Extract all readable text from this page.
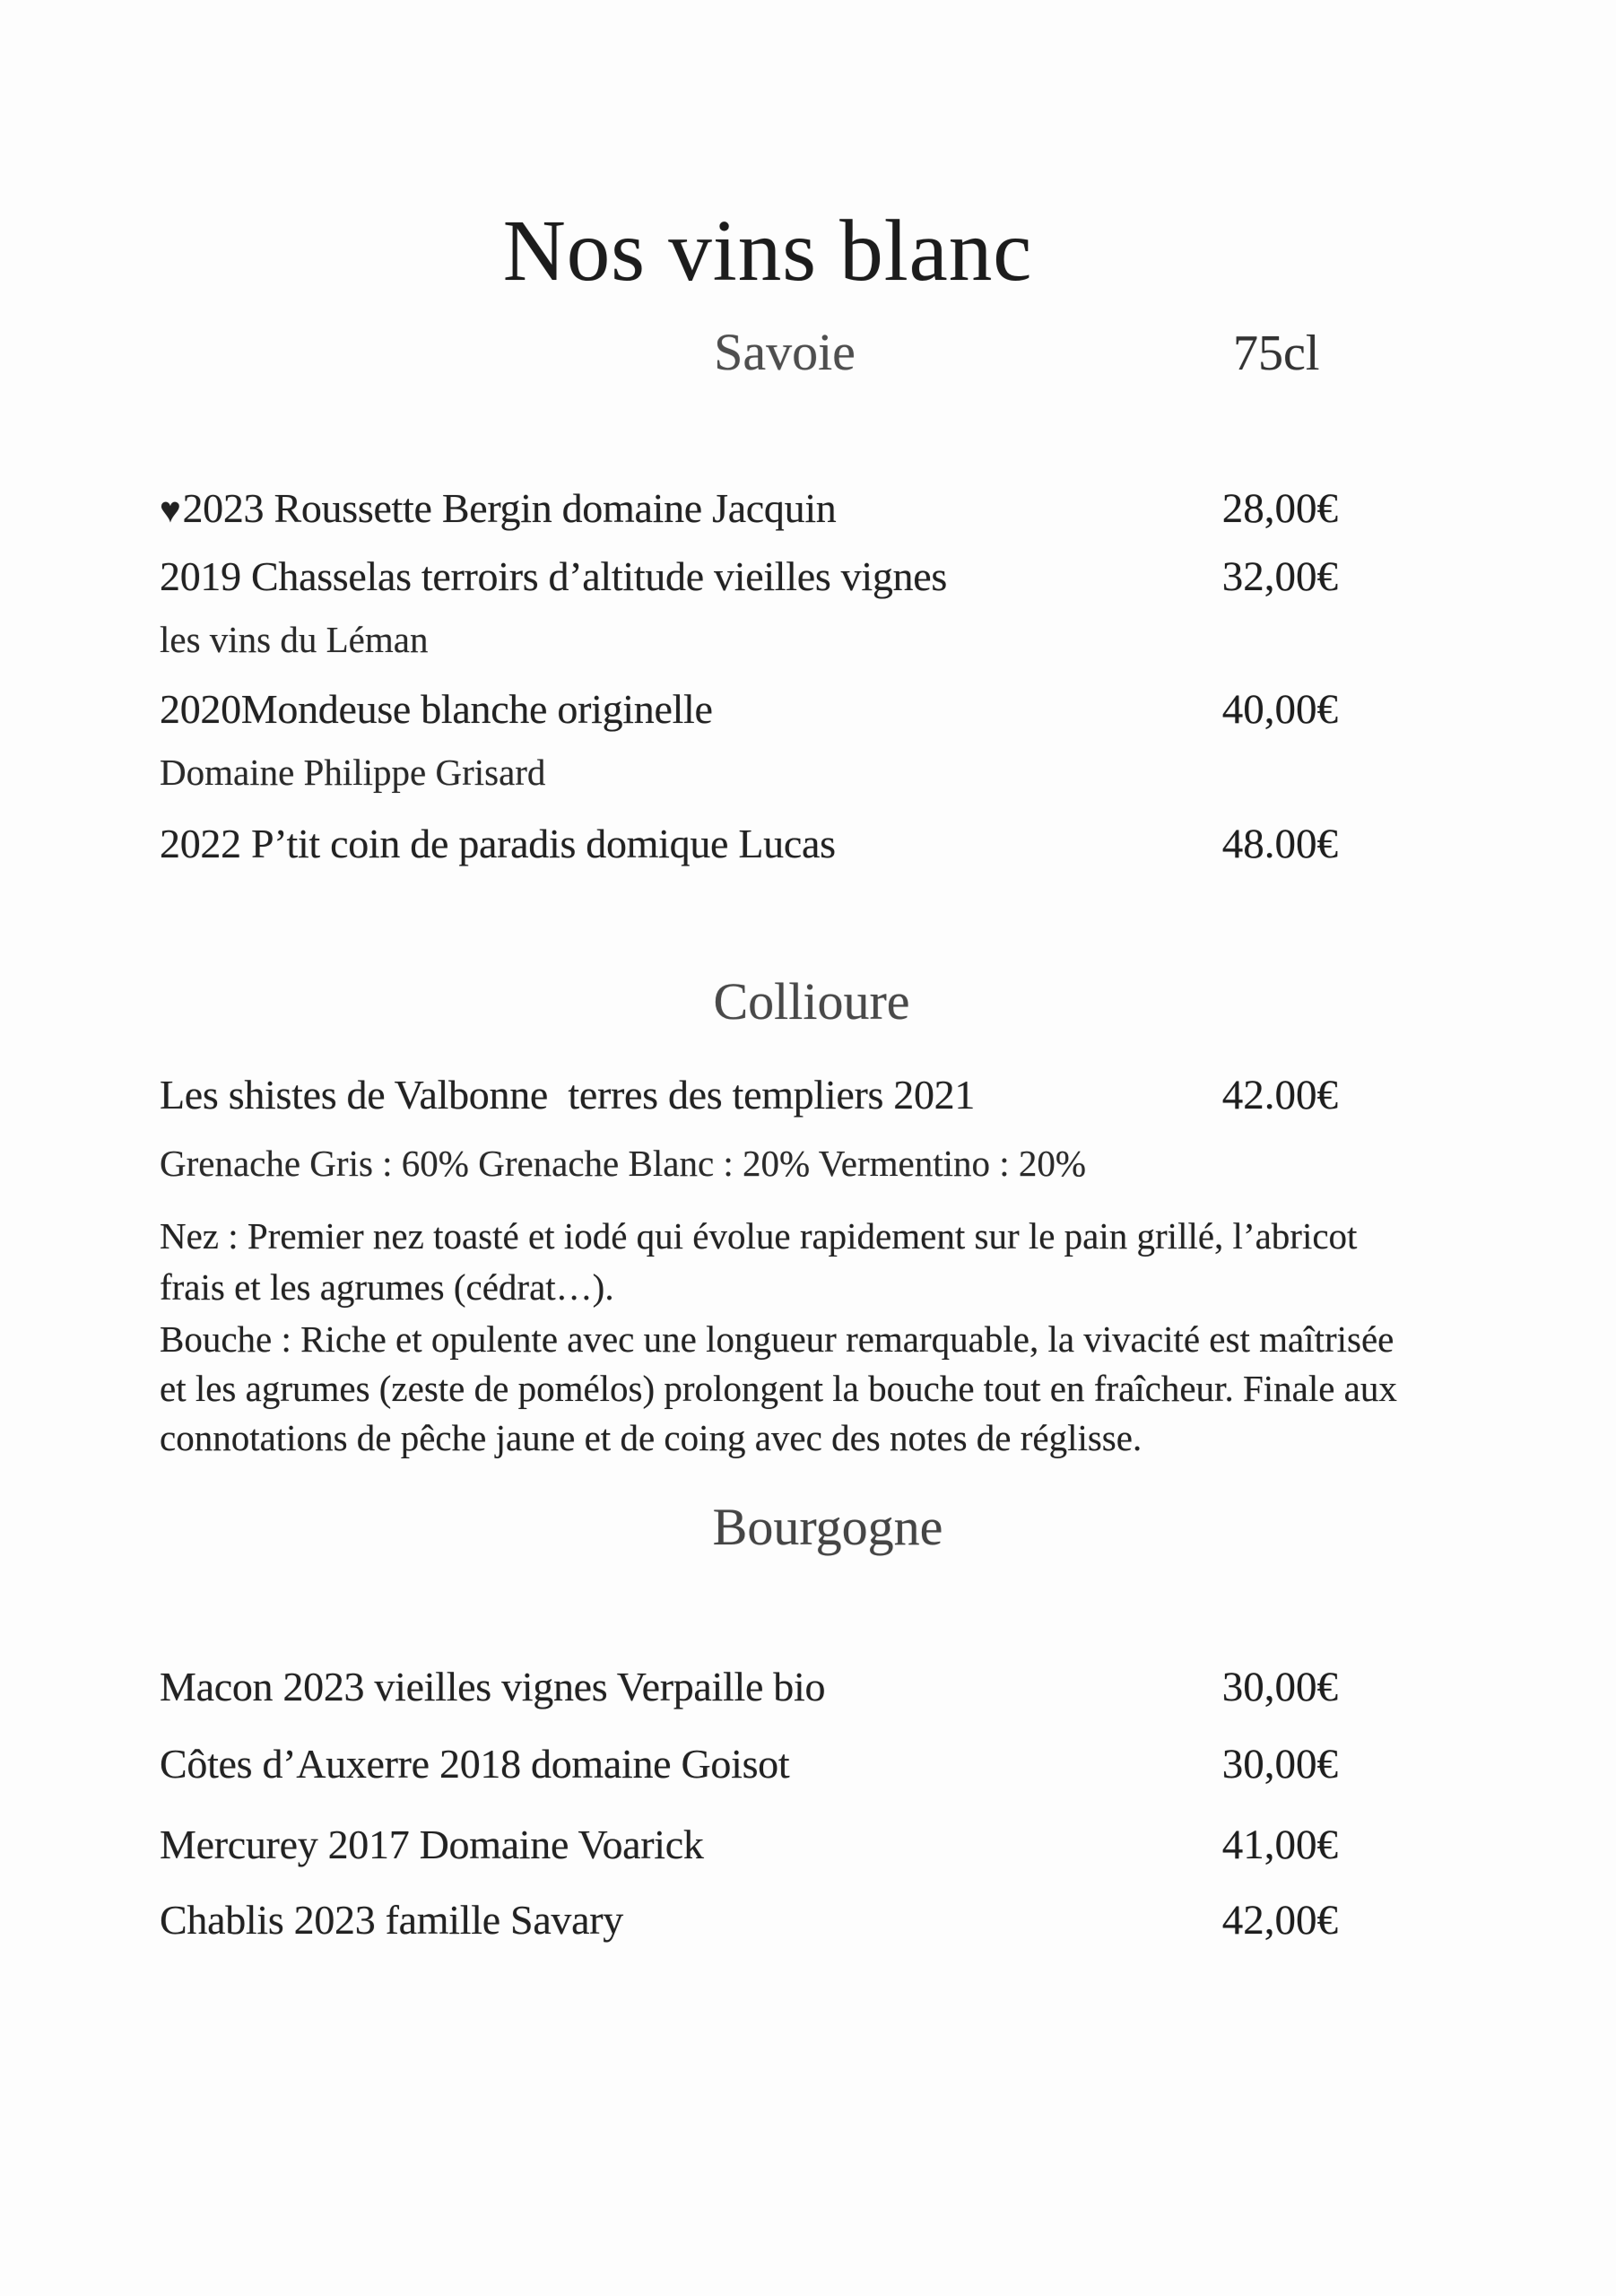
Nos vins blanc
Savoie	75cl
♥2023 Roussette Bergin domaine Jacquin	28,00€
2019 Chasselas terroirs d’altitude vieilles vignes	32,00€
les vins du Léman
2020Mondeuse blanche originelle	40,00€
Domaine Philippe Grisard
2022 P’tit coin de paradis domique Lucas	48.00€
Collioure
Les shistes de Valbonne  terres des templiers 2021	42.00€
Grenache Gris : 60% Grenache Blanc : 20% Vermentino : 20%
Nez : Premier nez toasté et iodé qui évolue rapidement sur le pain grillé, l’abricot
frais et les agrumes (cédrat…).
Bouche : Riche et opulente avec une longueur remarquable, la vivacité est maîtrisée
et les agrumes (zeste de pomélos) prolongent la bouche tout en fraîcheur. Finale aux
connotations de pêche jaune et de coing avec des notes de réglisse.
Bourgogne
Macon 2023 vieilles vignes Verpaille bio	30,00€
Côtes d’Auxerre 2018 domaine Goisot	30,00€
Mercurey 2017 Domaine Voarick	41,00€
Chablis 2023 famille Savary	42,00€
